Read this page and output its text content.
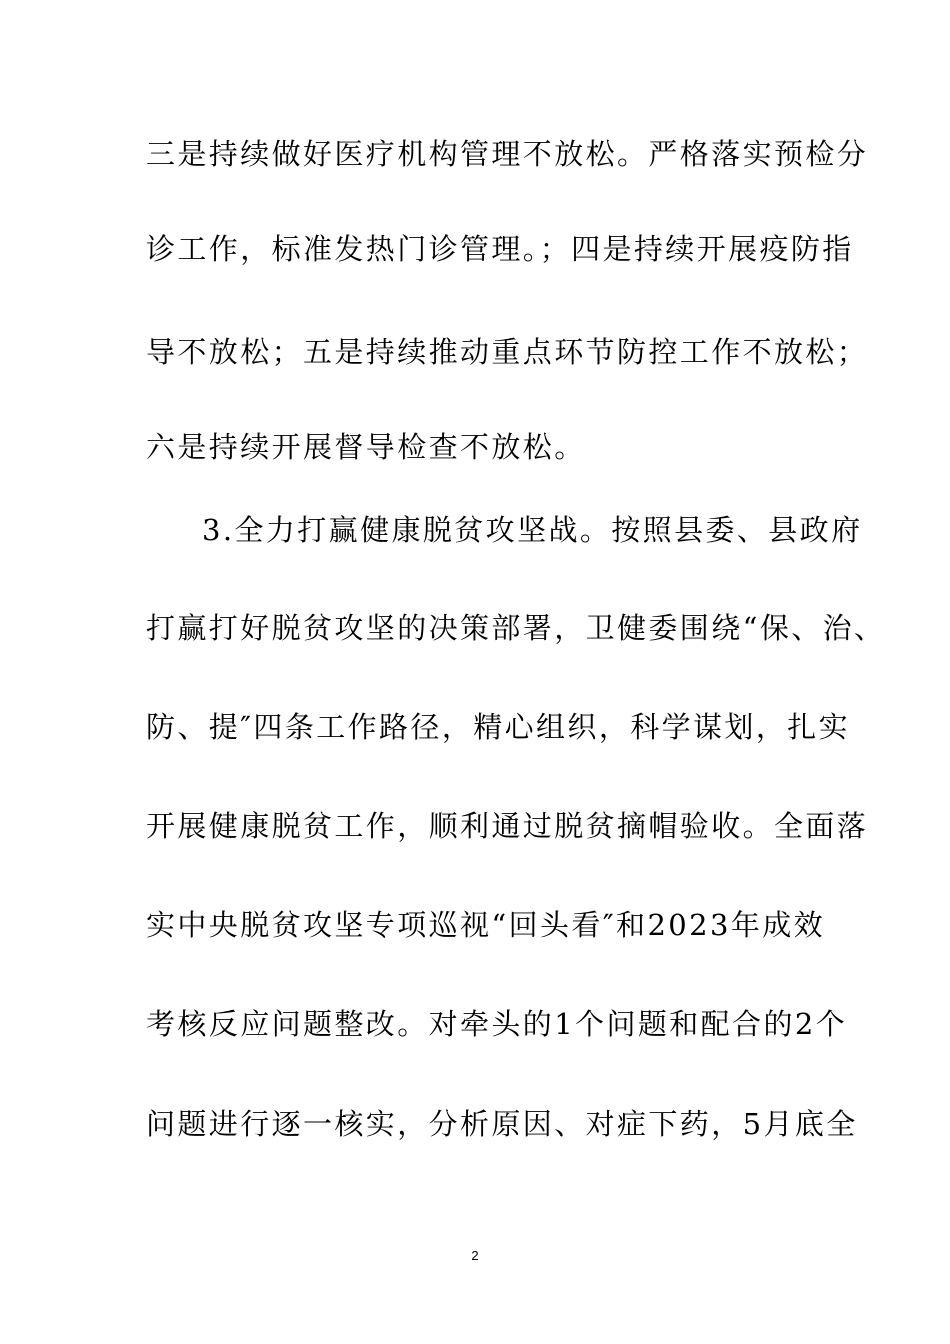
三是持续做好医疗机构管理不放松。严格落实预检分
诊工作，标准发热门诊管理。；四是持续开展疫防指
导不放松；五是持续推动重点环节防控工作不放松；
六是持续开展督导检查不放松。
3.全力打赢健康脱贫攻坚战。按照县委、县政府
打赢打好脱贫攻坚的决策部署，卫健委围绕“保、治、
防、提″四条工作路径，精心组织，科学谋划，扎实
开展健康脱贫工作，顺利通过脱贫摘帽验收。全面落
实中央脱贫攻坚专项巡视“回头看″和2023年成效
考核反应问题整改。对牵头的1个问题和配合的2个
问题进行逐一核实，分析原因、对症下药，5月底全
2
